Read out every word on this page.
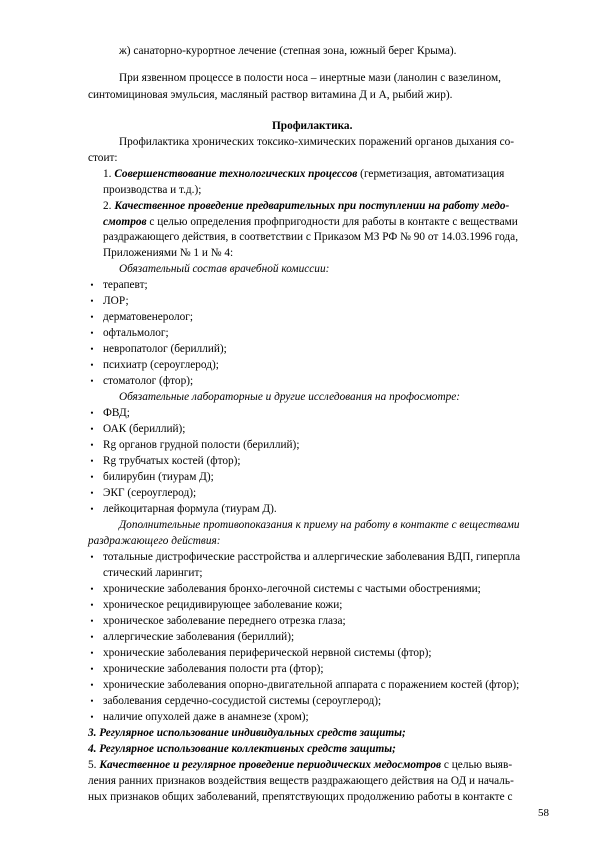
ж) санаторно-курортное лечение (степная зона, южный берег Крыма).
При язвенном процессе в полости носа – инертные мази (ланолин с вазелином,
синтомициновая эмульсия, масляный раствор витамина Д и А, рыбий жир).
Профилактика.
Профилактика хронических токсико-химических поражений органов дыхания со-
стоит:
1. Совершенствование технологических процессов (герметизация, автоматизация
производства и т.д.);
2. Качественное проведение предварительных при поступлении на работу медо-
смотров с целью определения профпригодности для работы в контакте с веществами
раздражающего действия, в соответствии с Приказом МЗ РФ № 90 от 14.03.1996 года,
Приложениями № 1 и № 4:
Обязательный состав врачебной комиссии:
• терапевт;
• ЛОР;
• дерматовенеролог;
• офтальмолог;
• невропатолог (бериллий);
• психиатр (сероуглерод);
• стоматолог (фтор);
Обязательные лабораторные и другие исследования на профосмотре:
• ФВД;
• ОАК (бериллий);
• Rg органов грудной полости (бериллий);
• Rg трубчатых костей (фтор);
• билирубин (тиурам Д);
• ЭКГ (сероуглерод);
• лейкоцитарная формула (тиурам Д).
Дополнительные противопоказания к приему на работу в контакте с веществами
раздражающего действия:
• тотальные дистрофические расстройства и аллергические заболевания ВДП, гиперпла
стический ларингит;
• хронические заболевания бронхо-легочной системы с частыми обострениями;
• хроническое рецидивирующее заболевание кожи;
• хроническое заболевание переднего отрезка глаза;
• аллергические заболевания (бериллий);
• хронические заболевания периферической нервной системы (фтор);
• хронические заболевания полости рта (фтор);
• хронические заболевания опорно-двигательной аппарата с поражением костей (фтор);
• заболевания сердечно-сосудистой системы (сероуглерод);
• наличие опухолей даже в анамнезе (хром);
3. Регулярное использование индивидуальных средств защиты;
4. Регулярное использование коллективных средств защиты;
5. Качественное и регулярное проведение периодических медосмотров с целью выяв-
ления ранних признаков воздействия веществ раздражающего действия на ОД и началь-
ных признаков общих заболеваний, препятствующих продолжению работы в контакте с
58
